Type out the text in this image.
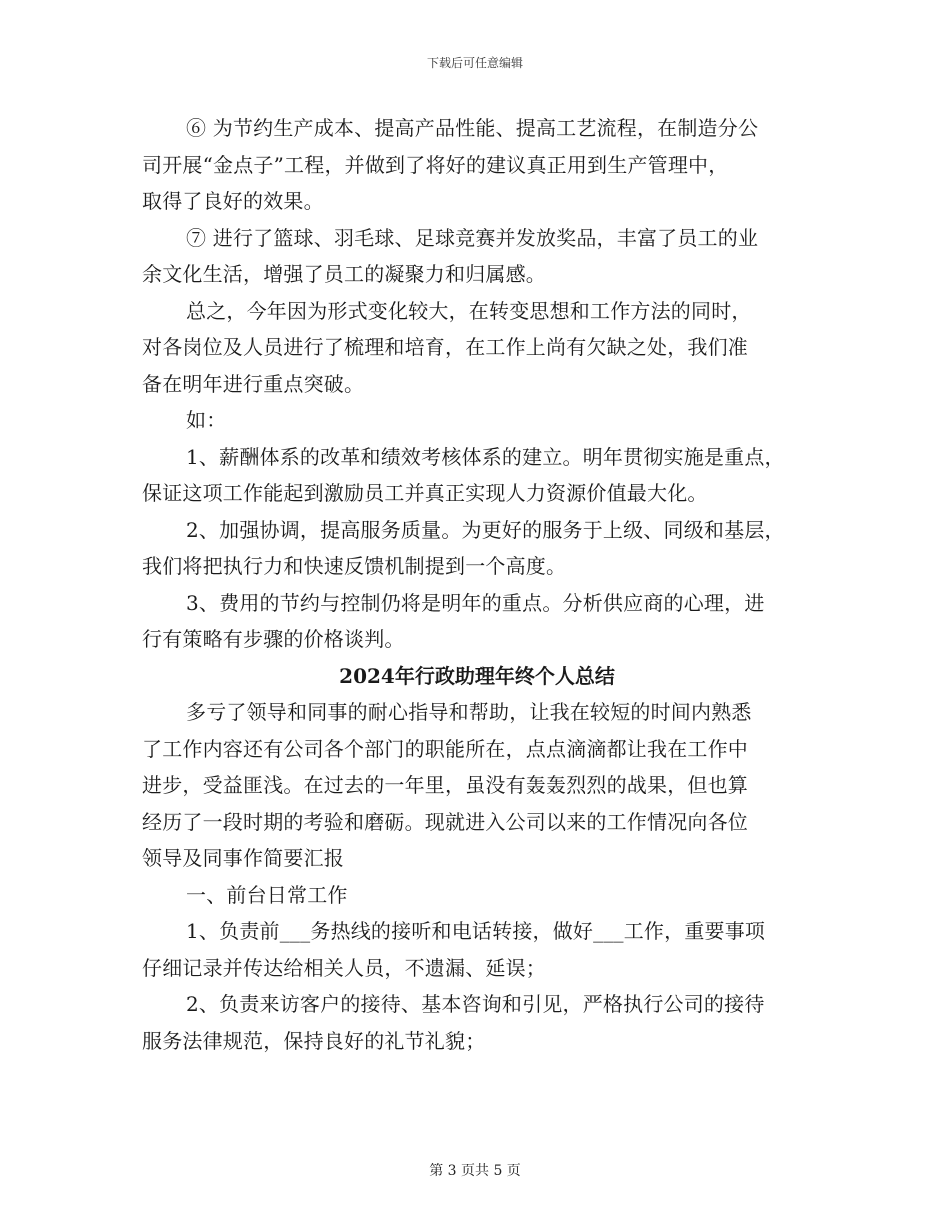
下载后可任意编辑
⑥ 为节约生产成本、提高产品性能、提高工艺流程，在制造分公
司开展“金点子”工程，并做到了将好的建议真正用到生产管理中，
取得了良好的效果。
⑦ 进行了篮球、羽毛球、足球竞赛并发放奖品，丰富了员工的业
余文化生活，增强了员工的凝聚力和归属感。
总之，今年因为形式变化较大，在转变思想和工作方法的同时，
对各岗位及人员进行了梳理和培育，在工作上尚有欠缺之处，我们准
备在明年进行重点突破。
如：
1、薪酬体系的改革和绩效考核体系的建立。明年贯彻实施是重点，
保证这项工作能起到激励员工并真正实现人力资源价值最大化。
2、加强协调，提高服务质量。为更好的服务于上级、同级和基层，
我们将把执行力和快速反馈机制提到一个高度。
3、费用的节约与控制仍将是明年的重点。分析供应商的心理，进
行有策略有步骤的价格谈判。
2024年行政助理年终个人总结
多亏了领导和同事的耐心指导和帮助，让我在较短的时间内熟悉
了工作内容还有公司各个部门的职能所在，点点滴滴都让我在工作中
进步，受益匪浅。在过去的一年里，虽没有轰轰烈烈的战果，但也算
经历了一段时期的考验和磨砺。现就进入公司以来的工作情况向各位
领导及同事作简要汇报
一、前台日常工作
1、负责前___务热线的接听和电话转接，做好___工作，重要事项
仔细记录并传达给相关人员，不遗漏、延误；
2、负责来访客户的接待、基本咨询和引见，严格执行公司的接待
服务法律规范，保持良好的礼节礼貌；
第 3 页共 5 页
